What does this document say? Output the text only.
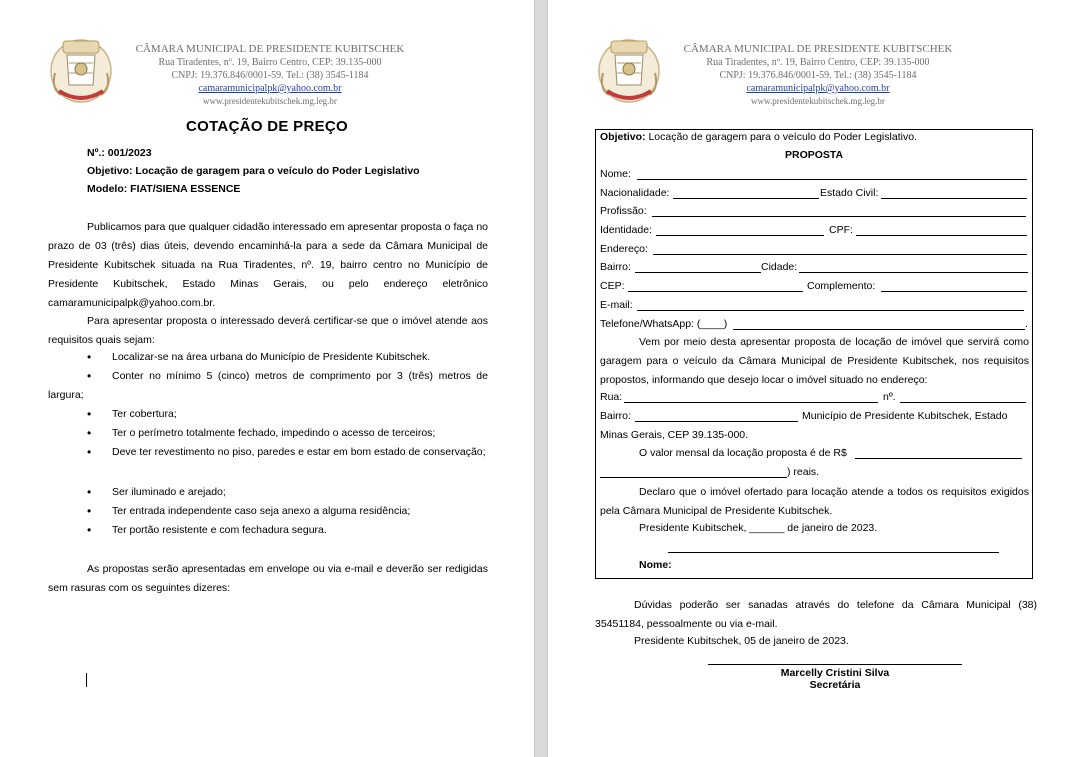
CÂMARA MUNICIPAL DE PRESIDENTE KUBITSCHEK
Rua Tiradentes, nº. 19, Bairro Centro, CEP: 39.135-000
CNPJ: 19.376.846/0001-59. Tel.: (38) 3545-1184
camaramunicipalpk@yahoo.com.br
www.presidentekubitschek.mg.leg.br
COTAÇÃO DE PREÇO
Nº.: 001/2023
Objetivo: Locação de garagem para o veículo do Poder Legislativo
Modelo: FIAT/SIENA ESSENCE
Publicamos para que qualquer cidadão interessado em apresentar proposta o faça no prazo de 03 (três) dias úteis, devendo encaminhá-la para a sede da Câmara Municipal de Presidente Kubitschek situada na Rua Tiradentes, nº. 19, bairro centro no Município de Presidente Kubitschek, Estado Minas Gerais, ou pelo endereço eletrônico camaramunicipalpk@yahoo.com.br.
Para apresentar proposta o interessado deverá certificar-se que o imóvel atende aos requisitos quais sejam:
• Localizar-se na área urbana do Município de Presidente Kubitschek.
•	Conter no mínimo 5 (cinco) metros de comprimento por 3 (três) metros de largura;
• Ter cobertura;
• Ter o perímetro totalmente fechado, impedindo o acesso de terceiros;
•	Deve ter revestimento no piso, paredes e estar em bom estado de conservação;
• Ser iluminado e arejado;
• Ter entrada independente caso seja anexo a alguma residência;
• Ter portão resistente e com fechadura segura.
As propostas serão apresentadas em envelope ou via e-mail e deverão ser redigidas sem rasuras com os seguintes dizeres:
CÂMARA MUNICIPAL DE PRESIDENTE KUBITSCHEK
Rua Tiradentes, nº. 19, Bairro Centro, CEP: 39.135-000
CNPJ: 19.376.846/0001-59. Tel.: (38) 3545-1184
camaramunicipalpk@yahoo.com.br
www.presidentekubitschek.mg.leg.br
Objetivo: Locação de garagem para o veículo do Poder Legislativo.
PROPOSTA
Nome:
Nacionalidade:	Estado Civil:
Profissão:
Identidade:	CPF:
Endereço:
Bairro:	Cidade:
CEP:	Complemento:
E-mail:
Telefone/WhatsApp: (____)	.
Vem por meio desta apresentar proposta de locação de imóvel que servirá como garagem para o veículo da Câmara Municipal de Presidente Kubitschek, nos requisitos propostos, informando que desejo locar o imóvel situado no endereço:
Rua:	nº.
Bairro:	Município de Presidente Kubitschek, Estado
Minas Gerais, CEP 39.135-000.
O valor mensal da locação proposta é de R$
) reais.
Declaro que o imóvel ofertado para locação atende a todos os requisitos exigidos pela Câmara Municipal de Presidente Kubitschek.
Presidente Kubitschek, ______ de janeiro de 2023.
Nome:
Dúvidas poderão ser sanadas através do telefone da Câmara Municipal (38) 35451184, pessoalmente ou via e-mail.
Presidente Kubitschek, 05 de janeiro de 2023.
Marcelly Cristini Silva
Secretária
